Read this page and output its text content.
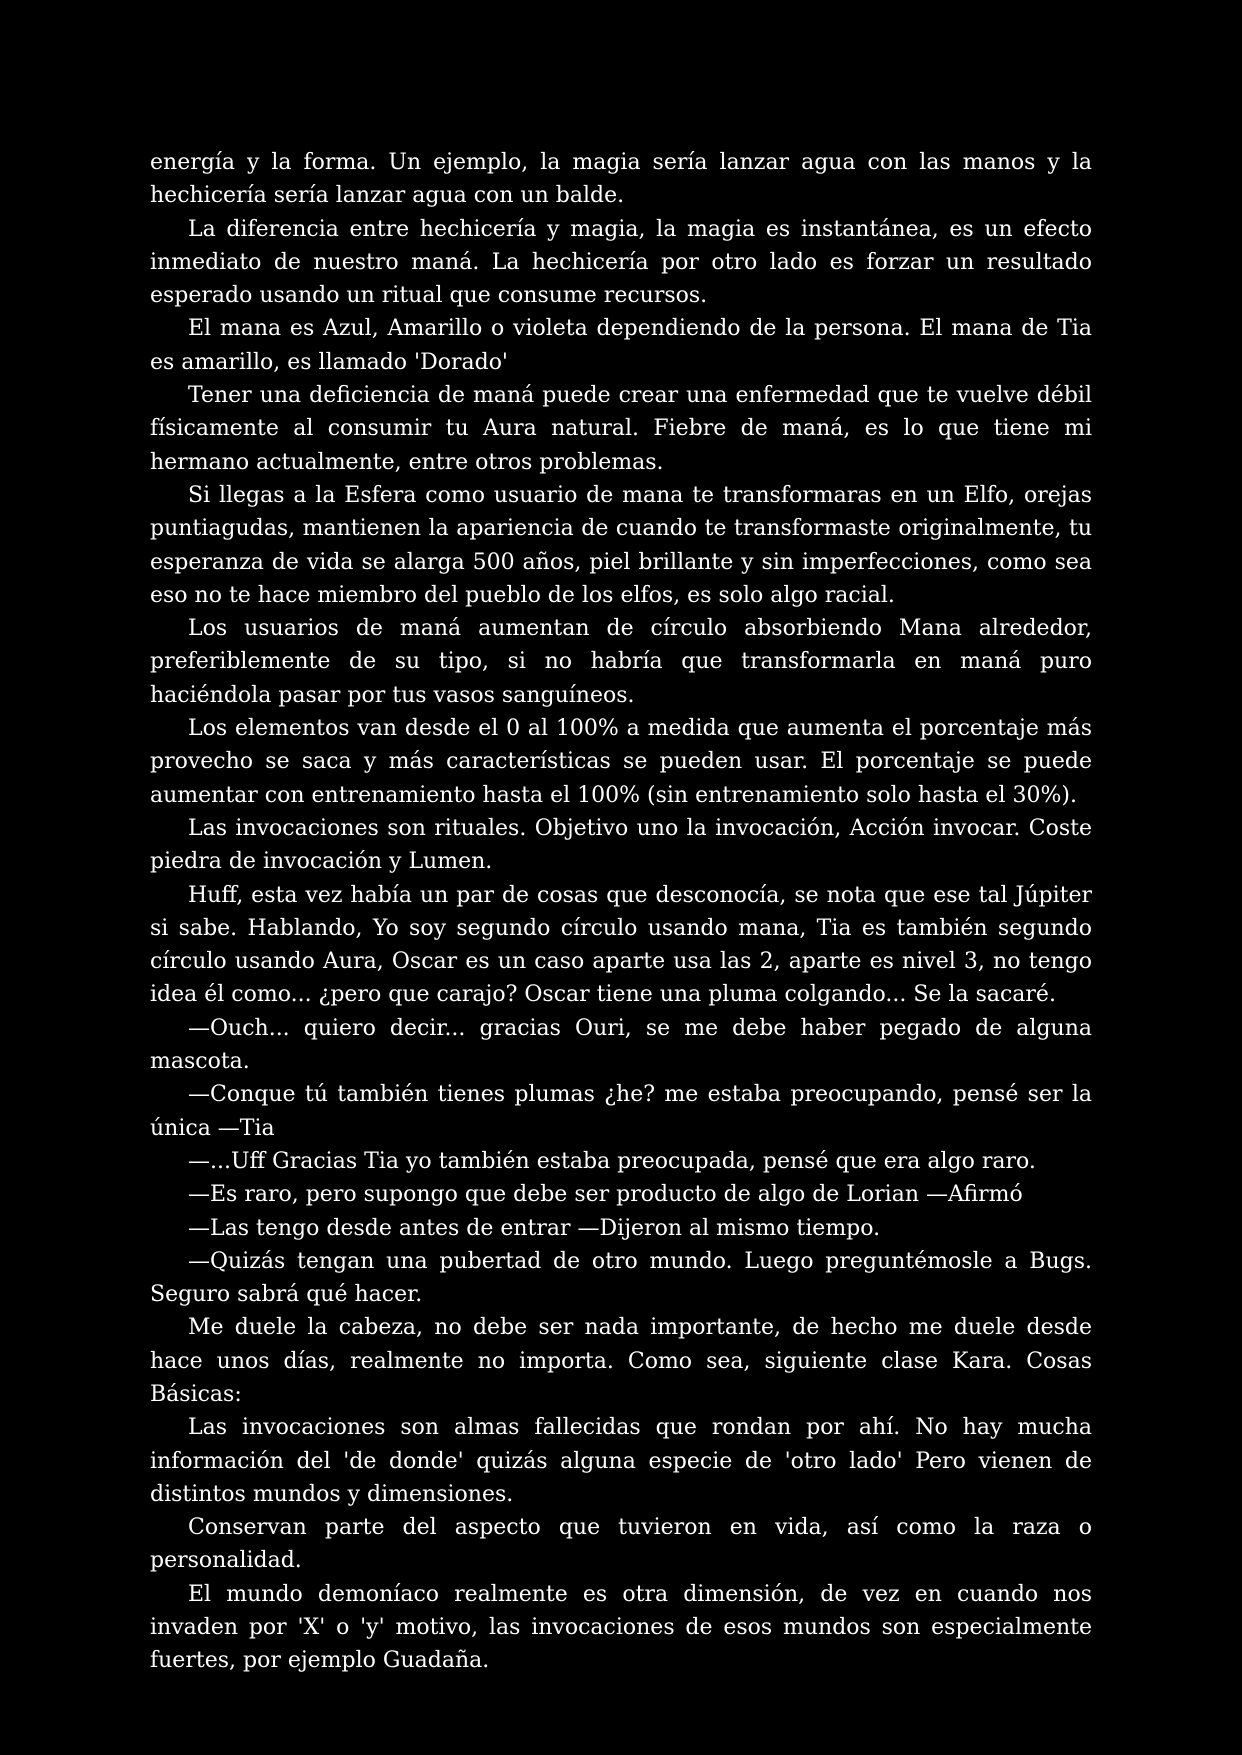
energía y la forma. Un ejemplo, la magia sería lanzar agua con las manos y la hechicería sería lanzar agua con un balde.

La diferencia entre hechicería y magia, la magia es instantánea, es un efecto inmediato de nuestro maná. La hechicería por otro lado es forzar un resultado esperado usando un ritual que consume recursos.

El mana es Azul, Amarillo o violeta dependiendo de la persona. El mana de Tia es amarillo, es llamado 'Dorado'

Tener una deficiencia de maná puede crear una enfermedad que te vuelve débil físicamente al consumir tu Aura natural. Fiebre de maná, es lo que tiene mi hermano actualmente, entre otros problemas.

Si llegas a la Esfera como usuario de mana te transformaras en un Elfo, orejas puntiagudas, mantienen la apariencia de cuando te transformaste originalmente, tu esperanza de vida se alarga 500 años, piel brillante y sin imperfecciones, como sea eso no te hace miembro del pueblo de los elfos, es solo algo racial.

Los usuarios de maná aumentan de círculo absorbiendo Mana alrededor, preferiblemente de su tipo, si no habría que transformarla en maná puro haciéndola pasar por tus vasos sanguíneos.

Los elementos van desde el 0 al 100% a medida que aumenta el porcentaje más provecho se saca y más características se pueden usar. El porcentaje se puede aumentar con entrenamiento hasta el 100% (sin entrenamiento solo hasta el 30%).

Las invocaciones son rituales. Objetivo uno la invocación, Acción invocar. Coste piedra de invocación y Lumen.

Huff, esta vez había un par de cosas que desconocía, se nota que ese tal Júpiter si sabe. Hablando, Yo soy segundo círculo usando mana, Tia es también segundo círculo usando Aura, Oscar es un caso aparte usa las 2, aparte es nivel 3, no tengo idea él como... ¿pero que carajo? Oscar tiene una pluma colgando... Se la sacaré.

—Ouch... quiero decir... gracias Ouri, se me debe haber pegado de alguna mascota.

—Conque tú también tienes plumas ¿he? me estaba preocupando, pensé ser la única —Tia

—...Uff Gracias Tia yo también estaba preocupada, pensé que era algo raro.

—Es raro, pero supongo que debe ser producto de algo de Lorian —Afirmó

—Las tengo desde antes de entrar —Dijeron al mismo tiempo.

—Quizás tengan una pubertad de otro mundo. Luego preguntémosle a Bugs. Seguro sabrá qué hacer.

Me duele la cabeza, no debe ser nada importante, de hecho me duele desde hace unos días, realmente no importa. Como sea, siguiente clase Kara. Cosas Básicas:

Las invocaciones son almas fallecidas que rondan por ahí. No hay mucha información del 'de donde' quizás alguna especie de 'otro lado' Pero vienen de distintos mundos y dimensiones.

Conservan parte del aspecto que tuvieron en vida, así como la raza o personalidad.

El mundo demoníaco realmente es otra dimensión, de vez en cuando nos invaden por 'X' o 'y' motivo, las invocaciones de esos mundos son especialmente fuertes, por ejemplo Guadaña.
